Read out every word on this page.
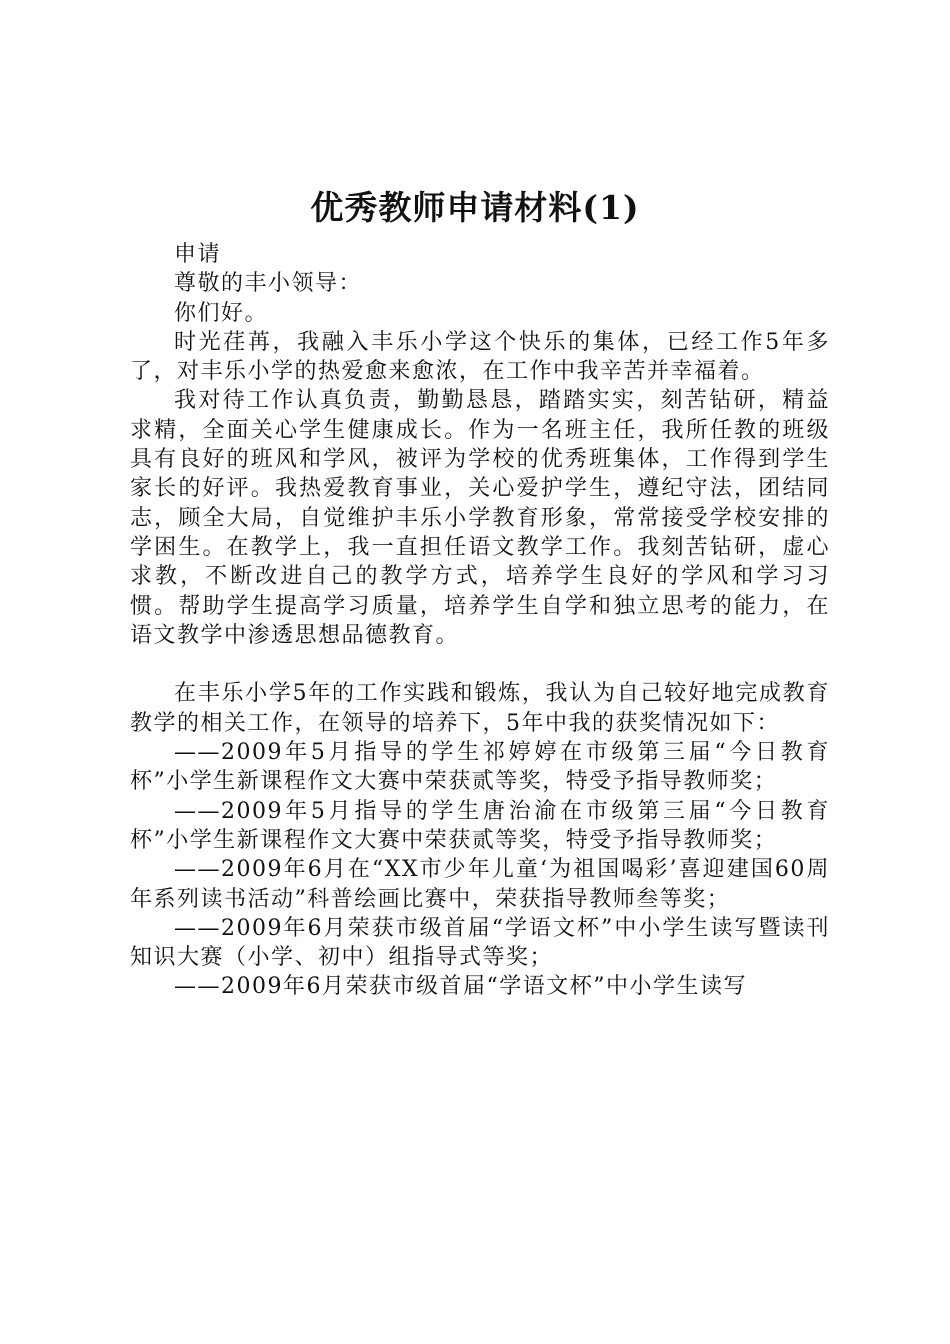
优秀教师申请材料(1)

申请

尊敬的丰小领导：

你们好。

时光荏苒，我融入丰乐小学这个快乐的集体，已经工作5年多了，对丰乐小学的热爱愈来愈浓，在工作中我辛苦并幸福着。

我对待工作认真负责，勤勤恳恳，踏踏实实，刻苦钻研，精益求精，全面关心学生健康成长。作为一名班主任，我所任教的班级具有良好的班风和学风，被评为学校的优秀班集体，工作得到学生家长的好评。我热爱教育事业，关心爱护学生，遵纪守法，团结同志，顾全大局，自觉维护丰乐小学教育形象，常常接受学校安排的学困生。在教学上，我一直担任语文教学工作。我刻苦钻研，虚心求教，不断改进自己的教学方式，培养学生良好的学风和学习习惯。帮助学生提高学习质量，培养学生自学和独立思考的能力，在语文教学中渗透思想品德教育。

在丰乐小学5年的工作实践和锻炼，我认为自己较好地完成教育教学的相关工作，在领导的培养下，5年中我的获奖情况如下：

——2009年5月指导的学生祁婷婷在市级第三届“今日教育杯”小学生新课程作文大赛中荣获贰等奖，特受予指导教师奖；

——2009年5月指导的学生唐治渝在市级第三届“今日教育杯”小学生新课程作文大赛中荣获贰等奖，特受予指导教师奖；

——2009年6月在“XX市少年儿童‘为祖国喝彩’喜迎建国60周年系列读书活动”科普绘画比赛中，荣获指导教师叁等奖；

——2009年6月荣获市级首届“学语文杯”中小学生读写暨读刊知识大赛（小学、初中）组指导式等奖；

——2009年6月荣获市级首届“学语文杯”中小学生读写
